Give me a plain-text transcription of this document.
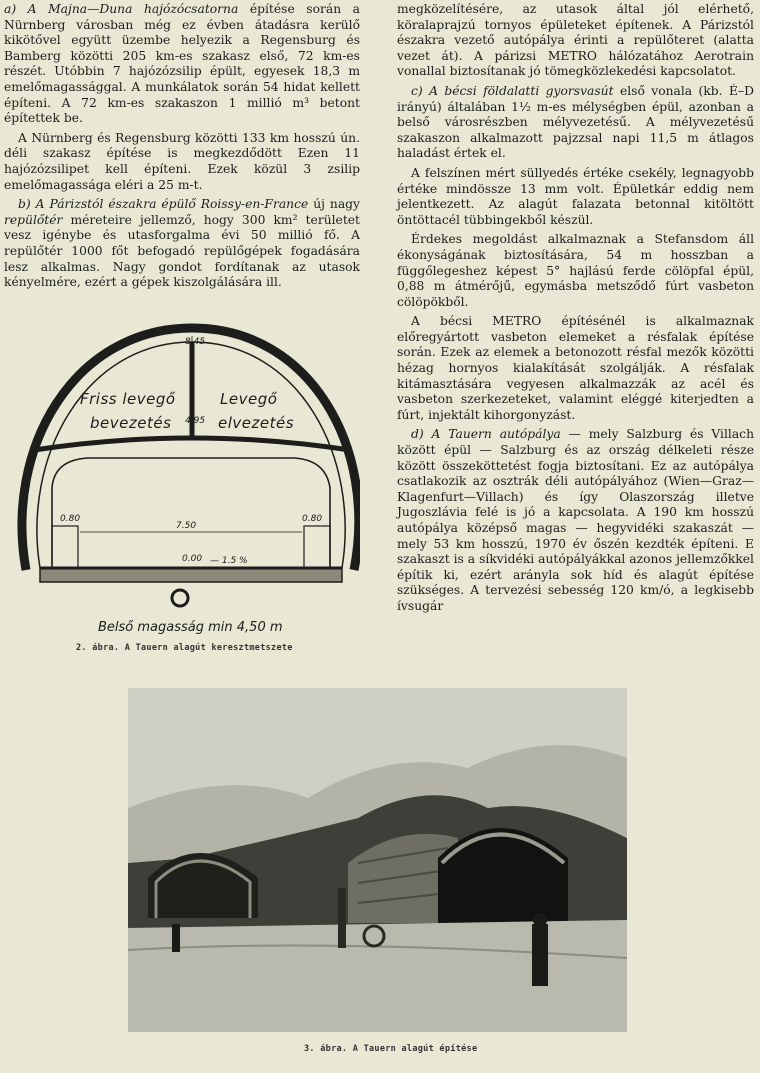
a) A Majna—Duna hajózócsatorna építése során a Nürnberg városban még ez évben átadásra kerülő kikötővel együtt üzembe helyezik a Regensburg és Bamberg közötti 205 km-es szakasz első, 72 km-es részét. Utóbbin 7 hajózózsilip épült, egyesek 18,3 m emelőmagassággal. A munkálatok során 54 hidat kellett építeni. A 72 km-es szakaszon 1 millió m³ betont építettek be.

A Nürnberg és Regensburg közötti 133 km hosszú ún. déli szakasz építése is megkezdődött Ezen 11 hajózózsilipet kell építeni. Ezek közül 3 zsilip emelőmagassága eléri a 25 m-t.

b) A Párizstól északra épülő Roissy-en-France új nagy repülőtér méreteire jellemző, hogy 300 km² területet vesz igénybe és utasforgalma évi 50 millió fő. A repülőtér 1000 főt befogadó repülőgépek fogadására lesz alkalmas. Nagy gondot fordítanak az utasok kényelmére, ezért a gépek kiszolgálására ill.

8.45
Friss levegő
bevezetés
Levegő
elvezetés
4.95
0.80	0.80
7.50
0.00 — 1.5 %
Belső magasság min 4,50 m
2. ábra. A Tauern alagút keresztmetszete

megközelítésére, az utasok által jól elérhető, köralaprajzú tornyos épületeket építenek. A Párizstól északra vezető autópálya érinti a repülőteret (alatta vezet át). A párizsi METRO hálózatához Aerotrain vonallal biztosítanak jó tömegközlekedési kapcsolatot.

c) A bécsi földalatti gyorsvasút első vonala (kb. É–D irányú) általában 1½ m-es mélységben épül, azonban a belső városrészben mélyvezetésű. A mélyvezetésű szakaszon alkalmazott pajzzsal napi 11,5 m átlagos haladást értek el.

A felszínen mért süllyedés értéke csekély, legnagyobb értéke mindössze 13 mm volt. Épületkár eddig nem jelentkezett. Az alagút falazata betonnal kitöltött öntöttacél tübbingekből készül.

Érdekes megoldást alkalmaznak a Stefansdom áll ékonyságának biztosítására, 54 m hosszban a függőlegeshez képest 5° hajlású ferde cölöpfal épül, 0,88 m átmérőjű, egymásba metsződő fúrt vasbeton cölöpökből.

A bécsi METRO építésénél is alkalmaznak előregyártott vasbeton elemeket a résfalak építése során. Ezek az elemek a betonozott résfal mezők közötti hézag hornyos kialakítását szolgálják. A résfalak kitámasztására vegyesen alkalmazzák az acél és vasbeton szerkezeteket, valamint eléggé kiterjedten a fúrt, injektált kihorgonyzást.

d) A Tauern autópálya — mely Salzburg és Villach között épül — Salzburg és az ország délkeleti része között összeköttetést fogja biztosítani. Ez az autópálya csatlakozik az osztrák déli autópályához (Wien—Graz—Klagenfurt—Villach) és így Olaszország illetve Jugoszlávia felé is jó a kapcsolata. A 190 km hosszú autópálya középső magas — hegyvidéki szakaszát — mely 53 km hosszú, 1970 év őszén kezdték építeni. E szakaszt is a síkvidéki autópályákkal azonos jellemzőkkel építik ki, ezért arányla sok híd és alagút építése szükséges. A tervezési sebesség 120 km/ó, a legkisebb ívsugár

3. ábra. A Tauern alagút építése
